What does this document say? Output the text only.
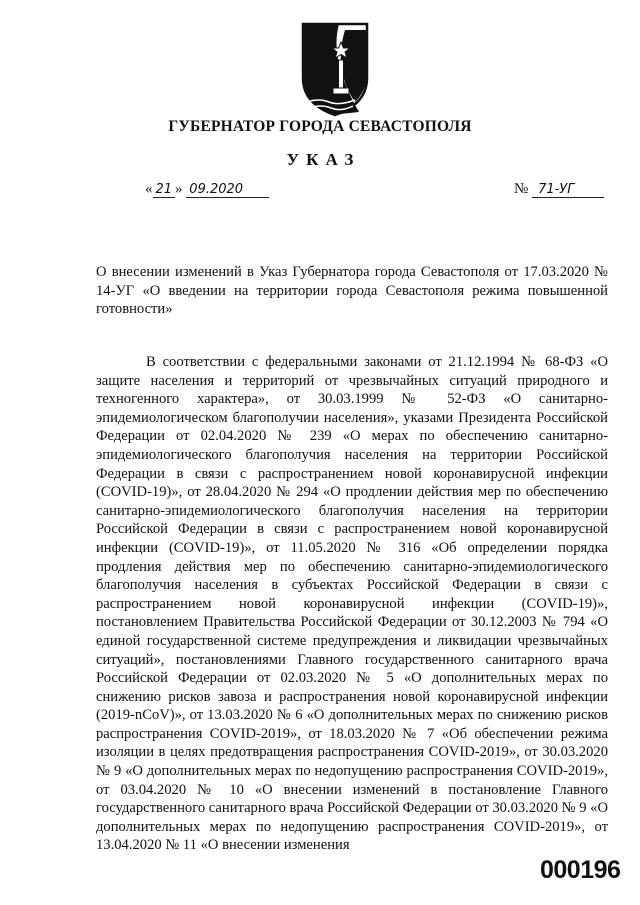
ГУБЕРНАТОР ГОРОДА СЕВАСТОПОЛЯ
УКАЗ
« 21 » 09.2020	№ 71-УГ
О внесении изменений в Указ Губернатора города Севастополя от 17.03.2020 № 14-УГ «О введении на территории города Севастополя режима повышенной готовности»

В соответствии с федеральными законами от 21.12.1994 № 68-ФЗ «О защите населения и территорий от чрезвычайных ситуаций природного и техногенного характера», от 30.03.1999 № 52-ФЗ «О санитарно-эпидемиологическом благополучии населения», указами Президента Российской Федерации от 02.04.2020 № 239 «О мерах по обеспечению санитарно-эпидемиологического благополучия населения на территории Российской Федерации в связи с распространением новой коронавирусной инфекции (COVID-19)», от 28.04.2020 № 294 «О продлении действия мер по обеспечению санитарно-эпидемиологического благополучия населения на территории Российской Федерации в связи с распространением новой коронавирусной инфекции (COVID-19)», от 11.05.2020 № 316 «Об определении порядка продления действия мер по обеспечению санитарно-эпидемиологического благополучия населения в субъектах Российской Федерации в связи с распространением новой коронавирусной инфекции (COVID-19)», постановлением Правительства Российской Федерации от 30.12.2003 № 794 «О единой государственной системе предупреждения и ликвидации чрезвычайных ситуаций», постановлениями Главного государственного санитарного врача Российской Федерации от 02.03.2020 № 5 «О дополнительных мерах по снижению рисков завоза и распространения новой коронавирусной инфекции (2019-nCoV)», от 13.03.2020 № 6 «О дополнительных мерах по снижению рисков распространения COVID-2019», от 18.03.2020 № 7 «Об обеспечении режима изоляции в целях предотвращения распространения COVID-2019», от 30.03.2020 № 9 «О дополнительных мерах по недопущению распространения COVID-2019», от 03.04.2020 № 10 «О внесении изменений в постановление Главного государственного санитарного врача Российской Федерации от 30.03.2020 № 9 «О дополнительных мерах по недопущению распространения COVID-2019», от 13.04.2020 № 11 «О внесении изменения

000196
